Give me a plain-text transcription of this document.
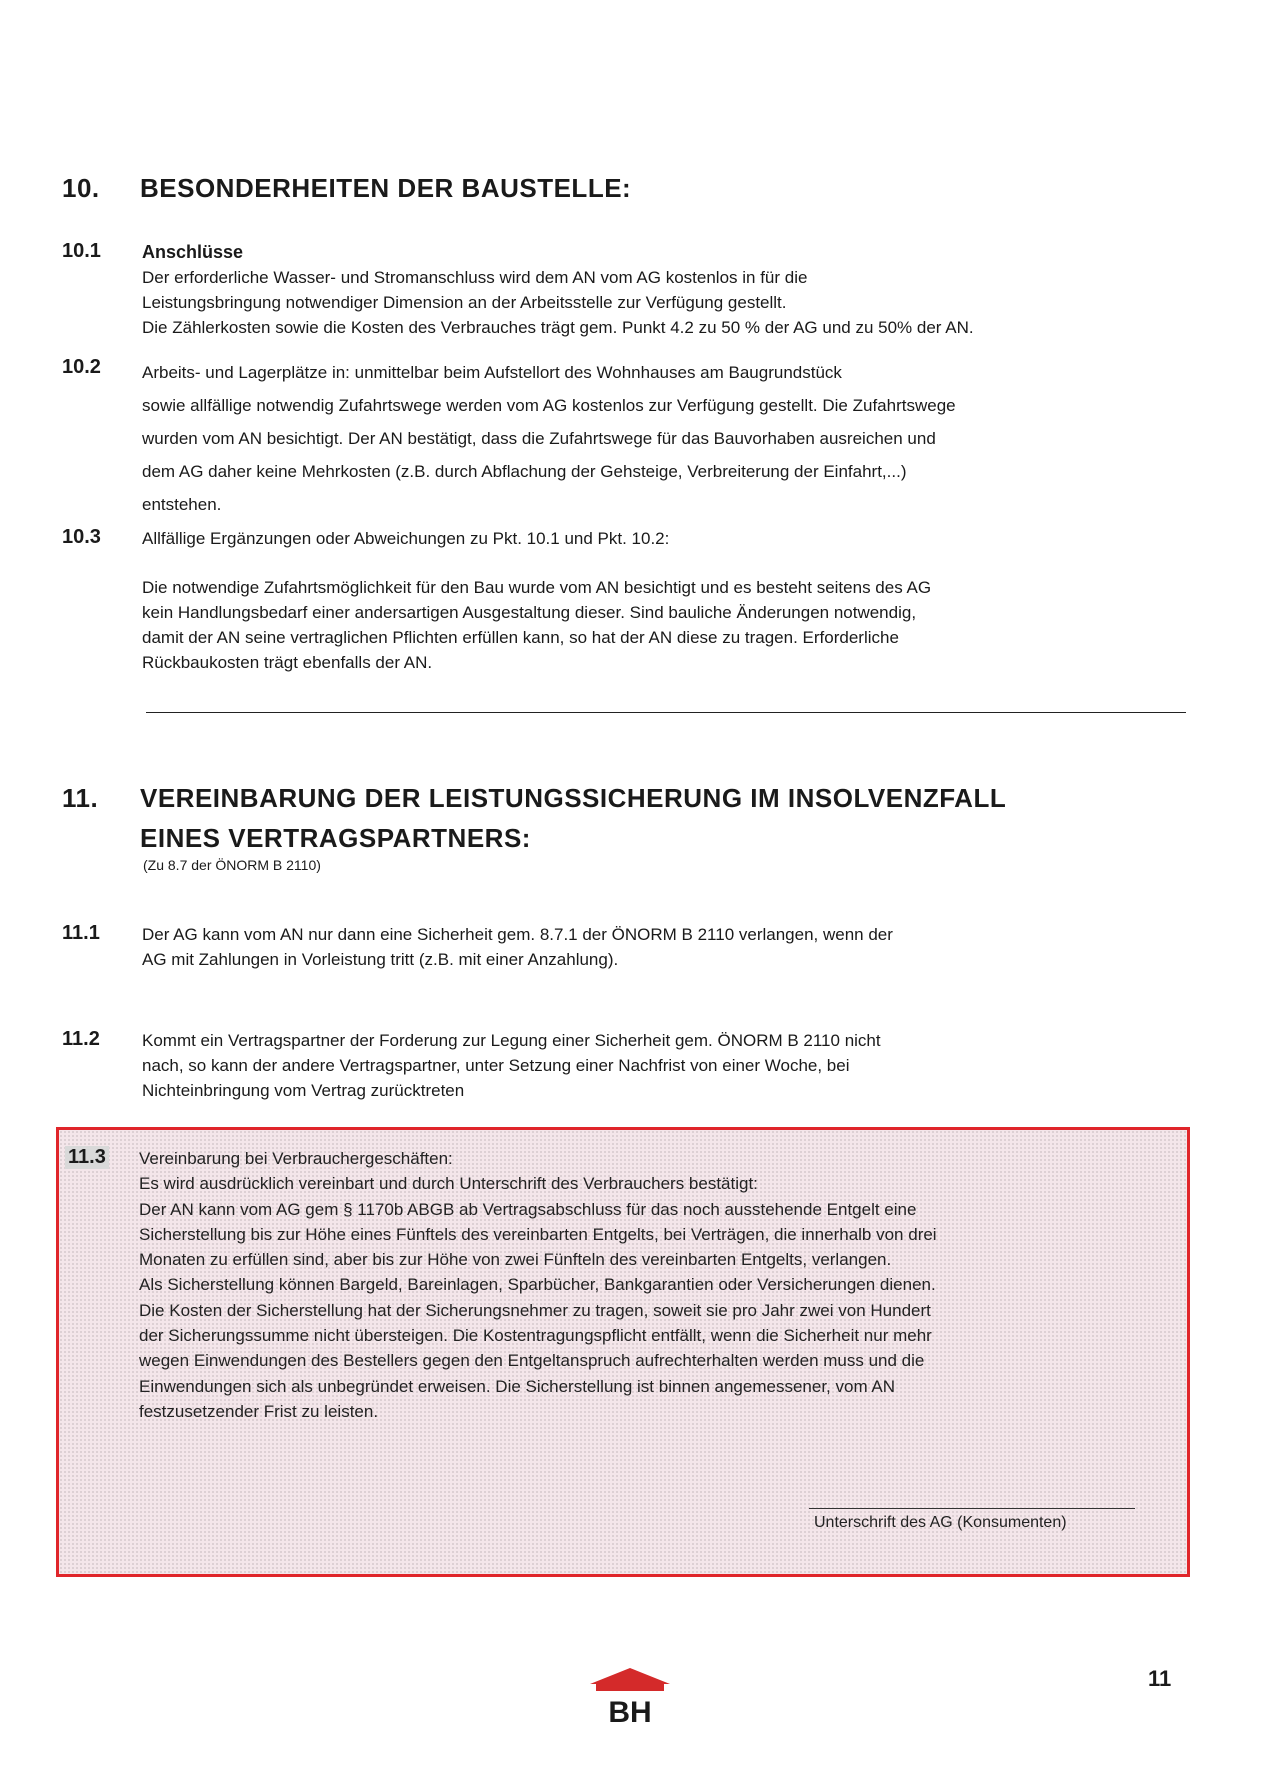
10. BESONDERHEITEN DER BAUSTELLE:
10.1 Anschlüsse
Der erforderliche Wasser- und Stromanschluss wird dem AN vom AG kostenlos in für die
Leistungsbringung notwendiger Dimension an der Arbeitsstelle zur Verfügung gestellt.
Die Zählerkosten sowie die Kosten des Verbrauches trägt gem. Punkt 4.2 zu 50 % der AG und zu 50% der AN.
10.2 Arbeits- und Lagerplätze in: unmittelbar beim Aufstellort des Wohnhauses am Baugrundstück
sowie allfällige notwendig Zufahrtswege werden vom AG kostenlos zur Verfügung gestellt. Die Zufahrtswege
wurden vom AN besichtigt. Der AN bestätigt, dass die Zufahrtswege für das Bauvorhaben ausreichen und
dem AG daher keine Mehrkosten (z.B. durch Abflachung der Gehsteige, Verbreiterung der Einfahrt,...)
entstehen.
10.3 Allfällige Ergänzungen oder Abweichungen zu Pkt. 10.1 und Pkt. 10.2:
Die notwendige Zufahrtsmöglichkeit für den Bau wurde vom AN besichtigt und es besteht seitens des AG
kein Handlungsbedarf einer andersartigen Ausgestaltung dieser. Sind bauliche Änderungen notwendig,
damit der AN seine vertraglichen Pflichten erfüllen kann, so hat der AN diese zu tragen. Erforderliche
Rückbaukosten trägt ebenfalls der AN.
11. VEREINBARUNG DER LEISTUNGSSICHERUNG IM INSOLVENZFALL
EINES VERTRAGSPARTNERS:
(Zu 8.7 der ÖNORM B 2110)
11.1 Der AG kann vom AN nur dann eine Sicherheit gem. 8.7.1 der ÖNORM B 2110 verlangen, wenn der
AG mit Zahlungen in Vorleistung tritt (z.B. mit einer Anzahlung).
11.2 Kommt ein Vertragspartner der Forderung zur Legung einer Sicherheit gem. ÖNORM B 2110 nicht
nach, so kann der andere Vertragspartner, unter Setzung einer Nachfrist von einer Woche, bei
Nichteinbringung vom Vertrag zurücktreten
11.3 Vereinbarung bei Verbrauchergeschäften:
Es wird ausdrücklich vereinbart und durch Unterschrift des Verbrauchers bestätigt:
Der AN kann vom AG gem § 1170b ABGB ab Vertragsabschluss für das noch ausstehende Entgelt eine
Sicherstellung bis zur Höhe eines Fünftels des vereinbarten Entgelts, bei Verträgen, die innerhalb von drei
Monaten zu erfüllen sind, aber bis zur Höhe von zwei Fünfteln des vereinbarten Entgelts, verlangen.
Als Sicherstellung können Bargeld, Bareinlagen, Sparbücher, Bankgarantien oder Versicherungen dienen.
Die Kosten der Sicherstellung hat der Sicherungsnehmer zu tragen, soweit sie pro Jahr zwei von Hundert
der Sicherungssumme nicht übersteigen. Die Kostentragungspflicht entfällt, wenn die Sicherheit nur mehr
wegen Einwendungen des Bestellers gegen den Entgeltanspruch aufrechterhalten werden muss und die
Einwendungen sich als unbegründet erweisen. Die Sicherstellung ist binnen angemessener, vom AN
festzusetzender Frist zu leisten.
Unterschrift des AG (Konsumenten)
BH
11
